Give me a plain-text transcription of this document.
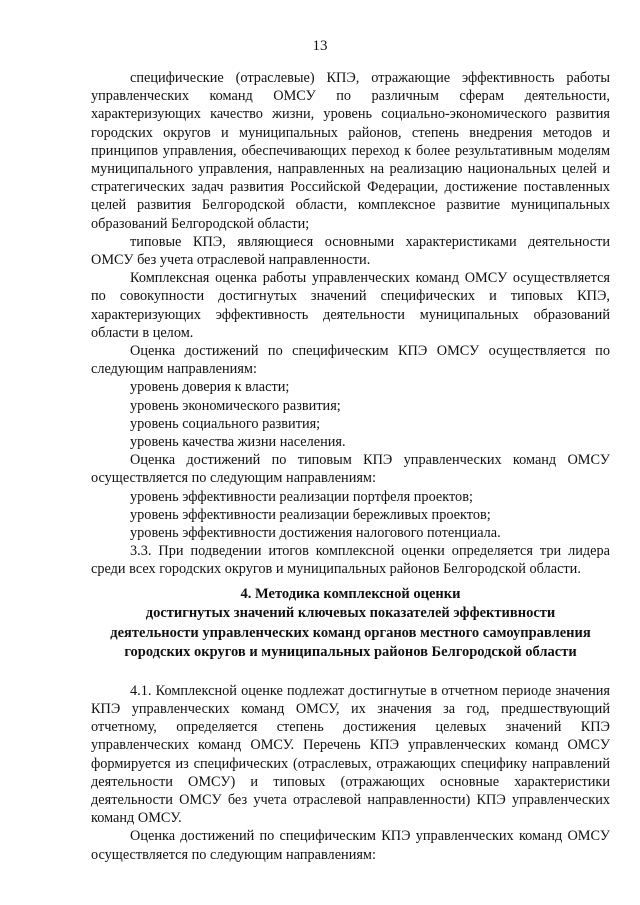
13

специфические (отраслевые) КПЭ, отражающие эффективность работы управленческих команд ОМСУ по различным сферам деятельности, характеризующих качество жизни, уровень социально-экономического развития городских округов и муниципальных районов, степень внедрения методов и принципов управления, обеспечивающих переход к более результативным моделям муниципального управления, направленных на реализацию национальных целей и стратегических задач развития Российской Федерации, достижение поставленных целей развития Белгородской области, комплексное развитие муниципальных образований Белгородской области;

типовые КПЭ, являющиеся основными характеристиками деятельности ОМСУ без учета отраслевой направленности.

Комплексная оценка работы управленческих команд ОМСУ осуществляется по совокупности достигнутых значений специфических и типовых КПЭ, характеризующих эффективность деятельности муниципальных образований области в целом.

Оценка достижений по специфическим КПЭ ОМСУ осуществляется по следующим направлениям:

уровень доверия к власти;

уровень экономического развития;

уровень социального развития;

уровень качества жизни населения.

Оценка достижений по типовым КПЭ управленческих команд ОМСУ осуществляется по следующим направлениям:

уровень эффективности реализации портфеля проектов;

уровень эффективности реализации бережливых проектов;

уровень эффективности достижения налогового потенциала.

3.3. При подведении итогов комплексной оценки определяется три лидера среди всех городских округов и муниципальных районов Белгородской области.

4. Методика комплексной оценки
достигнутых значений ключевых показателей эффективности
деятельности управленческих команд органов местного самоуправления
городских округов и муниципальных районов Белгородской области

4.1. Комплексной оценке подлежат достигнутые в отчетном периоде значения КПЭ управленческих команд ОМСУ, их значения за год, предшествующий отчетному, определяется степень достижения целевых значений КПЭ управленческих команд ОМСУ. Перечень КПЭ управленческих команд ОМСУ формируется из специфических (отраслевых, отражающих специфику направлений деятельности ОМСУ) и типовых (отражающих основные характеристики деятельности ОМСУ без учета отраслевой направленности) КПЭ управленческих команд ОМСУ.

Оценка достижений по специфическим КПЭ управленческих команд ОМСУ осуществляется по следующим направлениям:
